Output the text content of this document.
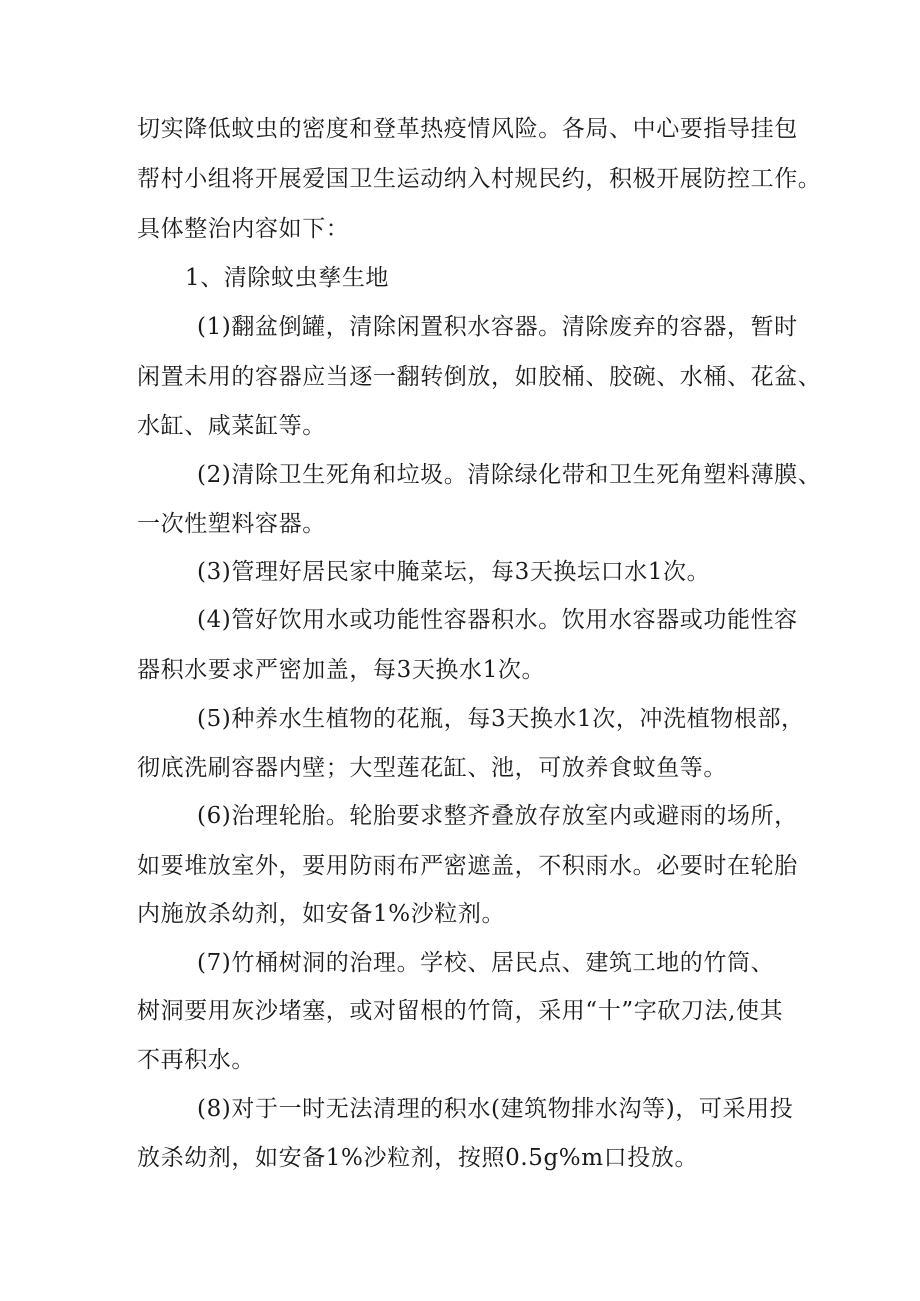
切实降低蚊虫的密度和登革热疫情风险。各局、中心要指导挂包
帮村小组将开展爱国卫生运动纳入村规民约，积极开展防控工作。
具体整治内容如下：
1、清除蚊虫孳生地
(1)翻盆倒罐，清除闲置积水容器。清除废弃的容器，暂时
闲置未用的容器应当逐一翻转倒放，如胶桶、胶碗、水桶、花盆、
水缸、咸菜缸等。
(2)清除卫生死角和垃圾。清除绿化带和卫生死角塑料薄膜、
一次性塑料容器。
(3)管理好居民家中腌菜坛，每3天换坛口水1次。
(4)管好饮用水或功能性容器积水。饮用水容器或功能性容
器积水要求严密加盖，每3天换水1次。
(5)种养水生植物的花瓶，每3天换水1次，冲洗植物根部，
彻底洗刷容器内壁；大型莲花缸、池，可放养食蚊鱼等。
(6)治理轮胎。轮胎要求整齐叠放存放室内或避雨的场所，
如要堆放室外，要用防雨布严密遮盖，不积雨水。必要时在轮胎
内施放杀幼剂，如安备1%沙粒剂。
(7)竹桶树洞的治理。学校、居民点、建筑工地的竹筒、
树洞要用灰沙堵塞，或对留根的竹筒，采用“十”字砍刀法,使其
不再积水。
(8)对于一时无法清理的积水(建筑物排水沟等)，可采用投
放杀幼剂，如安备1%沙粒剂，按照0.5g%m口投放。
